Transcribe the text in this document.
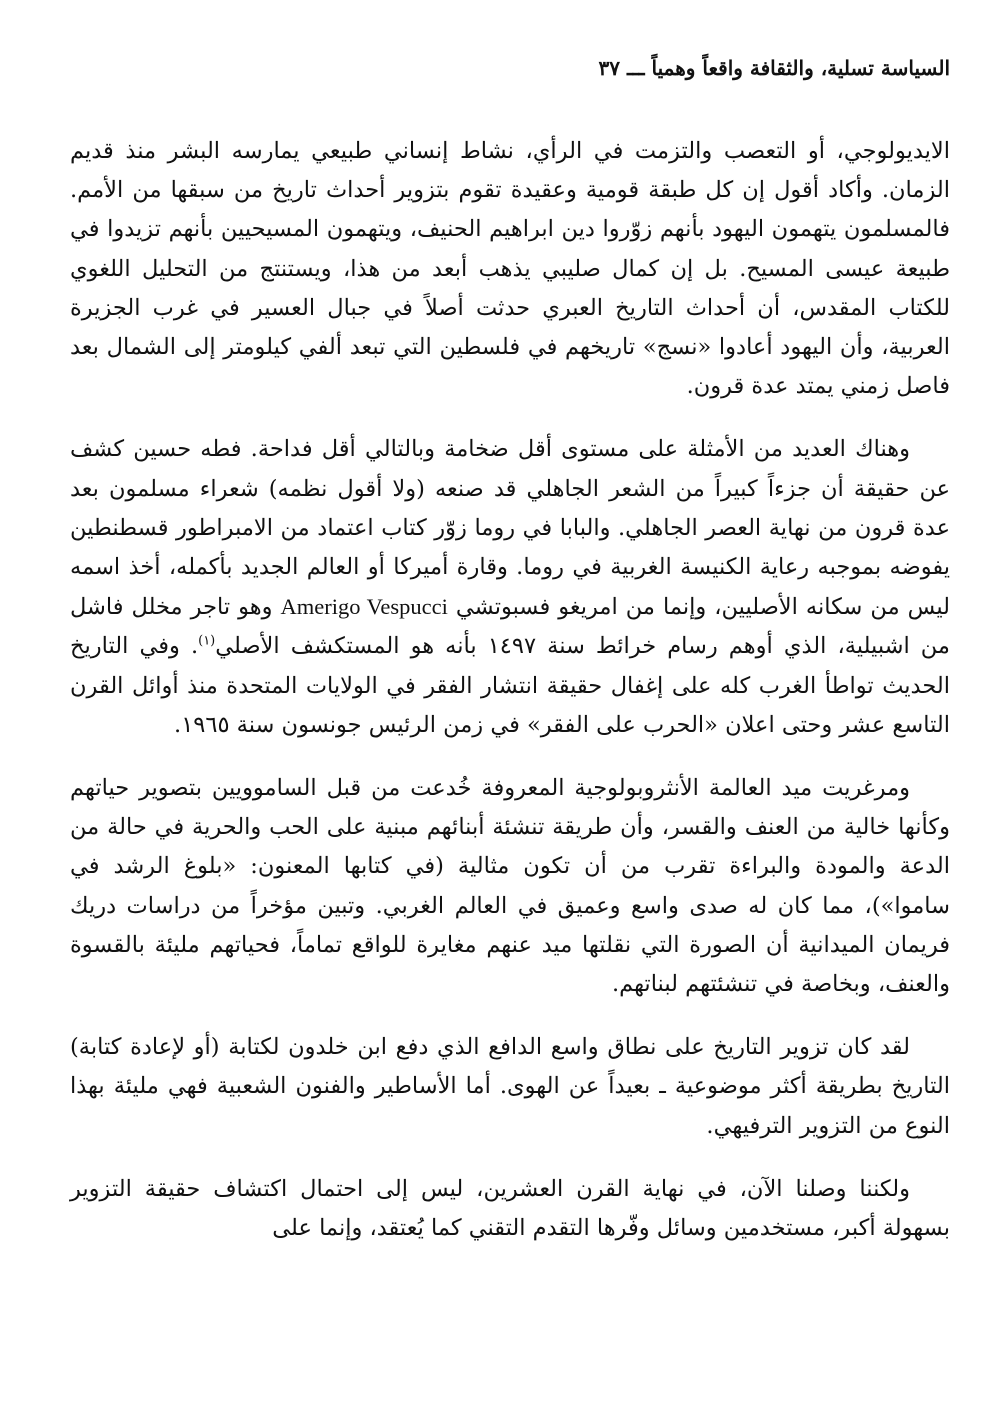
السياسة تسلية، والثقافة واقعاً وهمياً ـــ ٣٧

الايديولوجي، أو التعصب والتزمت في الرأي، نشاط إنساني طبيعي يمارسه البشر منذ قديم الزمان. وأكاد أقول إن كل طبقة قومية وعقيدة تقوم بتزوير أحداث تاريخ من سبقها من الأمم. فالمسلمون يتهمون اليهود بأنهم زوّروا دين ابراهيم الحنيف، ويتهمون المسيحيين بأنهم تزيدوا في طبيعة عيسى المسيح. بل إن كمال صليبي يذهب أبعد من هذا، ويستنتج من التحليل اللغوي للكتاب المقدس، أن أحداث التاريخ العبري حدثت أصلاً في جبال العسير في غرب الجزيرة العربية، وأن اليهود أعادوا «نسج» تاريخهم في فلسطين التي تبعد ألفي كيلومتر إلى الشمال بعد فاصل زمني يمتد عدة قرون.

وهناك العديد من الأمثلة على مستوى أقل ضخامة وبالتالي أقل فداحة. فطه حسين كشف عن حقيقة أن جزءاً كبيراً من الشعر الجاهلي قد صنعه (ولا أقول نظمه) شعراء مسلمون بعد عدة قرون من نهاية العصر الجاهلي. والبابا في روما زوّر كتاب اعتماد من الامبراطور قسطنطين يفوضه بموجبه رعاية الكنيسة الغربية في روما. وقارة أميركا أو العالم الجديد بأكمله، أخذ اسمه ليس من سكانه الأصليين، وإنما من امريغو فسبوتشي Amerigo Vespucci وهو تاجر مخلل فاشل من اشبيلية، الذي أوهم رسام خرائط سنة ١٤٩٧ بأنه هو المستكشف الأصلي$^{(١)}$. وفي التاريخ الحديث تواطأ الغرب كله على إغفال حقيقة انتشار الفقر في الولايات المتحدة منذ أوائل القرن التاسع عشر وحتى اعلان «الحرب على الفقر» في زمن الرئيس جونسون سنة ١٩٦٥.

ومرغريت ميد العالمة الأنثروبولوجية المعروفة خُدعت من قبل الساموويين بتصوير حياتهم وكأنها خالية من العنف والقسر، وأن طريقة تنشئة أبنائهم مبنية على الحب والحرية في حالة من الدعة والمودة والبراءة تقرب من أن تكون مثالية (في كتابها المعنون: «بلوغ الرشد في ساموا»)، مما كان له صدى واسع وعميق في العالم الغربي. وتبين مؤخراً من دراسات دريك فريمان الميدانية أن الصورة التي نقلتها ميد عنهم مغايرة للواقع تماماً، فحياتهم مليئة بالقسوة والعنف، وبخاصة في تنشئتهم لبناتهم.

لقد كان تزوير التاريخ على نطاق واسع الدافع الذي دفع ابن خلدون لكتابة (أو لإعادة كتابة) التاريخ بطريقة أكثر موضوعية ـ بعيداً عن الهوى. أما الأساطير والفنون الشعبية فهي مليئة بهذا النوع من التزوير الترفيهي.

ولكننا وصلنا الآن، في نهاية القرن العشرين، ليس إلى احتمال اكتشاف حقيقة التزوير بسهولة أكبر، مستخدمين وسائل وفّرها التقدم التقني كما يُعتقد، وإنما على
